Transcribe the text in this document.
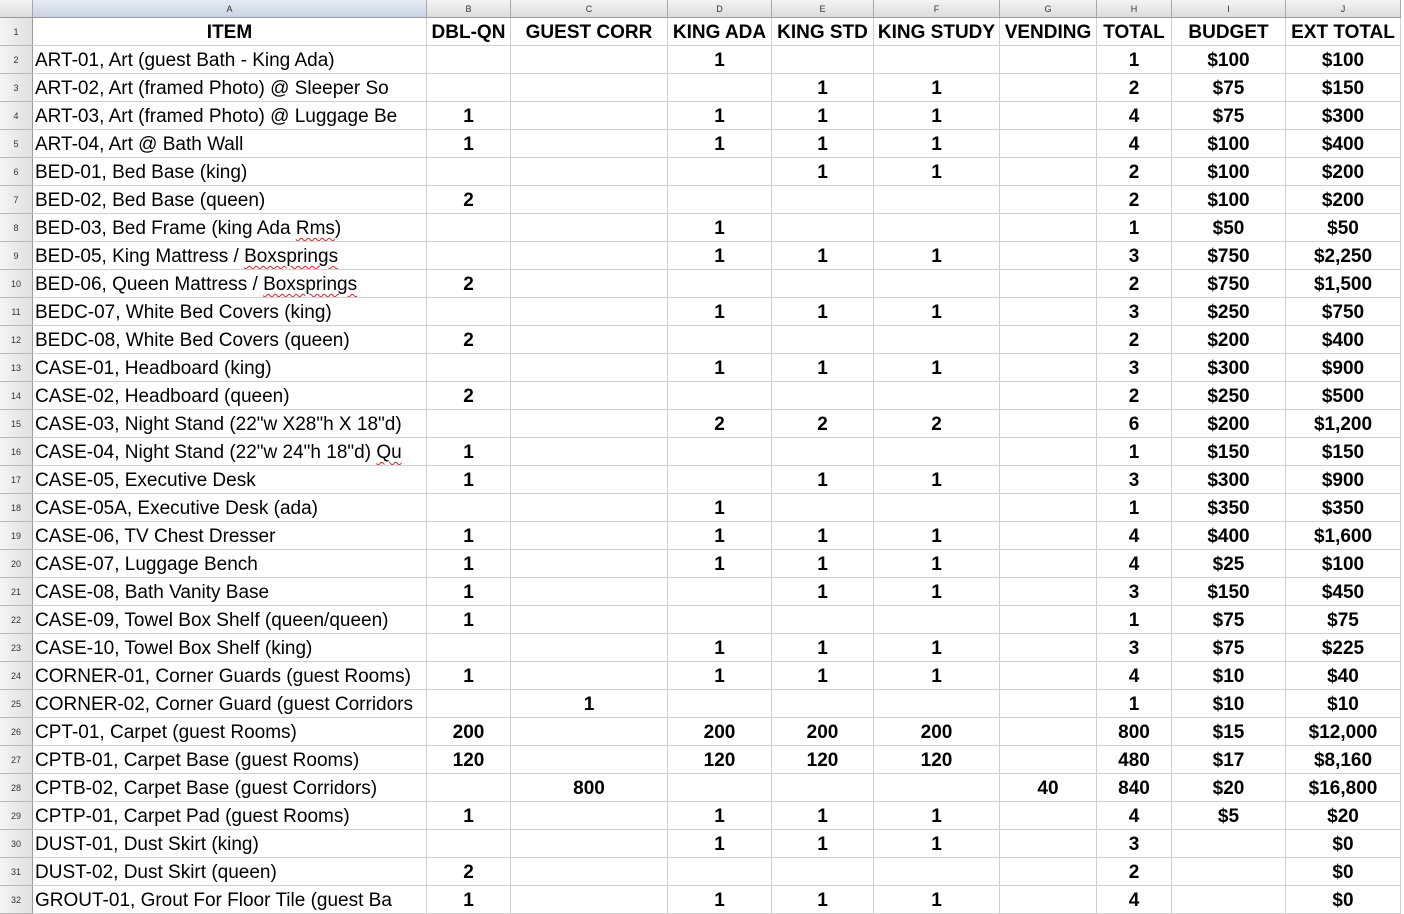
	A	B	C	D	E	F	G	H	I	J
1	ITEM	DBL-QN	GUEST CORR	KING ADA	KING STD	KING STUDY	VENDING	TOTAL	BUDGET	EXT TOTAL
2	ART-01, Art (guest Bath - King Ada)			1				1	$100	$100
3	ART-02, Art (framed Photo) @ Sleeper So				1	1		2	$75	$150
4	ART-03, Art (framed Photo) @ Luggage Be	1		1	1	1		4	$75	$300
5	ART-04, Art @ Bath Wall	1		1	1	1		4	$100	$400
6	BED-01, Bed Base (king)				1	1		2	$100	$200
7	BED-02, Bed Base (queen)	2						2	$100	$200
8	BED-03, Bed Frame (king Ada Rms)			1				1	$50	$50
9	BED-05, King Mattress / Boxsprings			1	1	1		3	$750	$2,250
10	BED-06, Queen Mattress / Boxsprings	2						2	$750	$1,500
11	BEDC-07, White Bed Covers (king)			1	1	1		3	$250	$750
12	BEDC-08, White Bed Covers (queen)	2						2	$200	$400
13	CASE-01, Headboard (king)			1	1	1		3	$300	$900
14	CASE-02, Headboard (queen)	2						2	$250	$500
15	CASE-03, Night Stand (22"w X28"h X 18"d)			2	2	2		6	$200	$1,200
16	CASE-04, Night Stand (22"w 24"h 18"d) Qu	1						1	$150	$150
17	CASE-05, Executive Desk	1			1	1		3	$300	$900
18	CASE-05A, Executive Desk (ada)			1				1	$350	$350
19	CASE-06, TV Chest Dresser	1		1	1	1		4	$400	$1,600
20	CASE-07, Luggage Bench	1		1	1	1		4	$25	$100
21	CASE-08, Bath Vanity Base	1			1	1		3	$150	$450
22	CASE-09, Towel Box Shelf (queen/queen)	1						1	$75	$75
23	CASE-10, Towel Box Shelf (king)			1	1	1		3	$75	$225
24	CORNER-01, Corner Guards (guest Rooms)	1		1	1	1		4	$10	$40
25	CORNER-02, Corner Guard (guest Corridors		1					1	$10	$10
26	CPT-01, Carpet (guest Rooms)	200		200	200	200		800	$15	$12,000
27	CPTB-01, Carpet Base (guest Rooms)	120		120	120	120		480	$17	$8,160
28	CPTB-02, Carpet Base (guest Corridors)		800				40	840	$20	$16,800
29	CPTP-01, Carpet Pad (guest Rooms)	1		1	1	1		4	$5	$20
30	DUST-01, Dust Skirt (king)			1	1	1		3		$0
31	DUST-02, Dust Skirt (queen)	2						2		$0
32	GROUT-01, Grout For Floor Tile (guest Ba	1		1	1	1		4		$0
